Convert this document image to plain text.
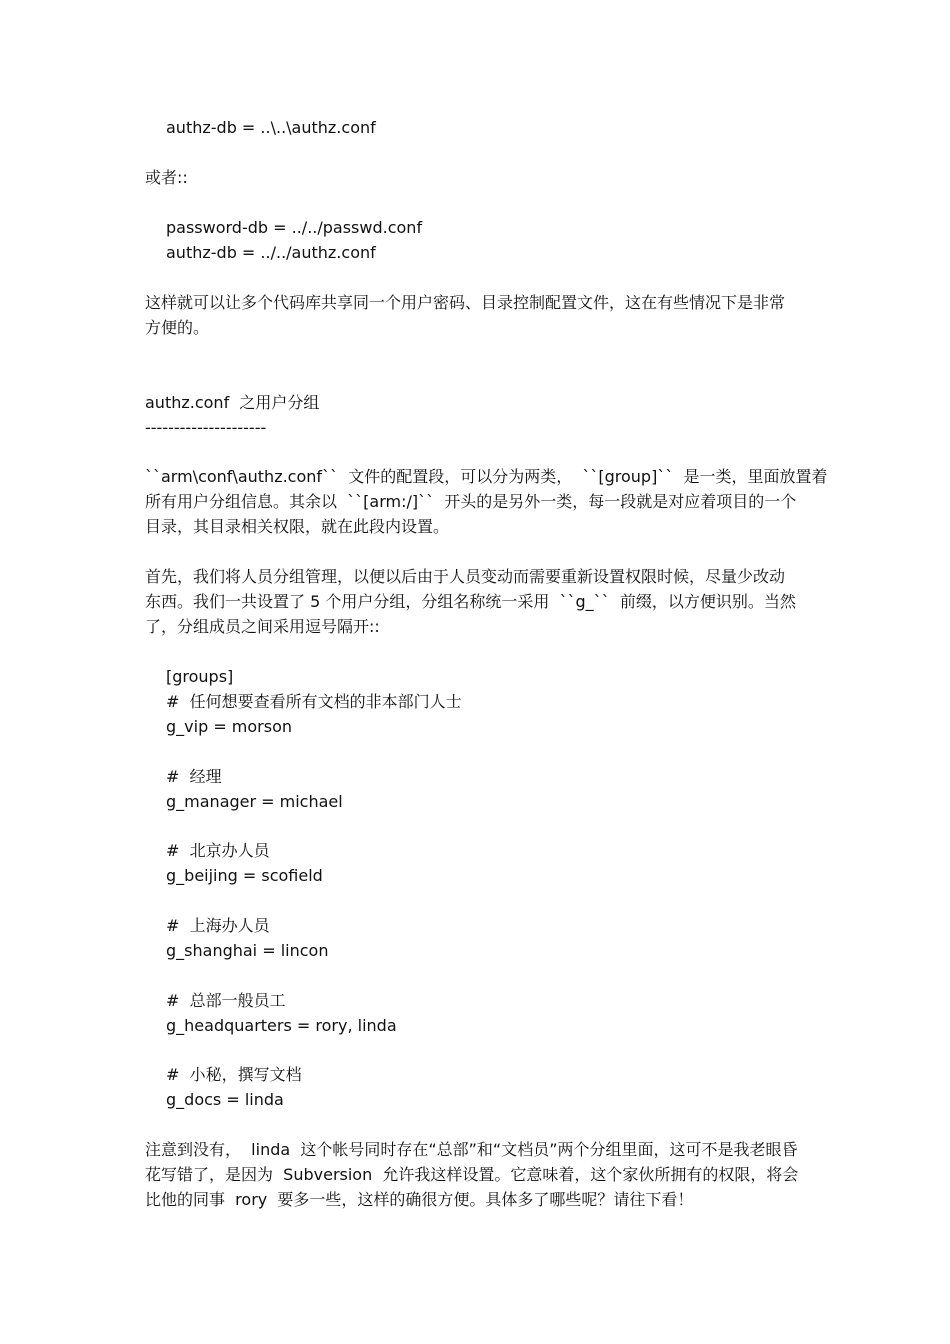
authz-db = ..\..\authz.conf
或者::
password-db = ../../passwd.conf
authz-db = ../../authz.conf
这样就可以让多个代码库共享同一个用户密码、目录控制配置文件，这在有些情况下是非常
方便的。
authz.conf  之用户分组
---------------------
``arm\conf\authz.conf``  文件的配置段，可以分为两类，  ``[group]``  是一类，里面放置着
所有用户分组信息。其余以  ``[arm:/]``  开头的是另外一类，每一段就是对应着项目的一个
目录，其目录相关权限，就在此段内设置。
首先，我们将人员分组管理，以便以后由于人员变动而需要重新设置权限时候，尽量少改动
东西。我们一共设置了 5 个用户分组，分组名称统一采用  ``g_``  前缀，以方便识别。当然
了，分组成员之间采用逗号隔开::
[groups]
#  任何想要查看所有文档的非本部门人士
g_vip = morson
#  经理
g_manager = michael
#  北京办人员
g_beijing = scofield
#  上海办人员
g_shanghai = lincon
#  总部一般员工
g_headquarters = rory, linda
#  小秘，撰写文档
g_docs = linda
注意到没有，  linda  这个帐号同时存在“总部”和“文档员”两个分组里面，这可不是我老眼昏
花写错了，是因为  Subversion  允许我这样设置。它意味着，这个家伙所拥有的权限，将会
比他的同事  rory  要多一些，这样的确很方便。具体多了哪些呢？请往下看！
